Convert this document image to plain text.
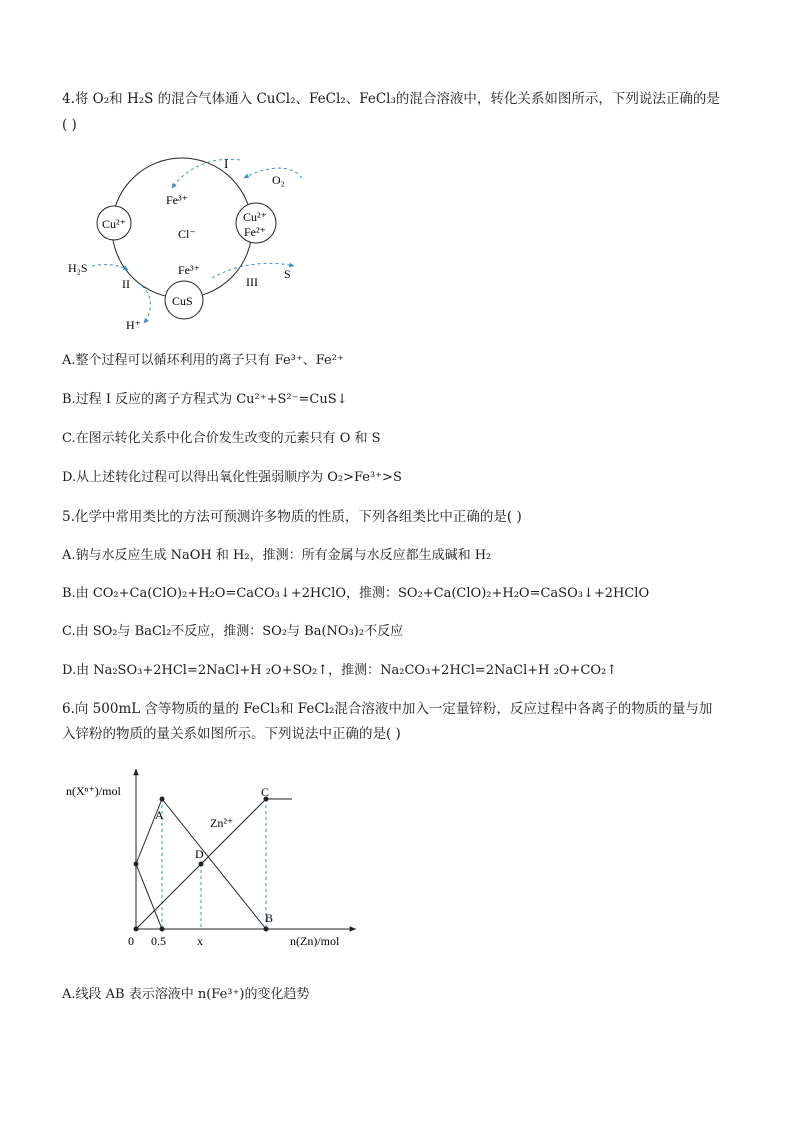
4.将 O₂和 H₂S 的混合气体通入 CuCl₂、FeCl₂、FeCl₃的混合溶液中，转化关系如图所示，下列说法正确的是
( )
I
O₂
Fe³⁺
Cl⁻
Cu²⁺	Cu²⁺
Fe²⁺
H₂S
II
Fe³⁺
III
S
CuS
H⁺
A.整个过程可以循环利用的离子只有 Fe³⁺、Fe²⁺
B.过程 I 反应的离子方程式为 Cu²⁺+S²⁻=CuS↓
C.在图示转化关系中化合价发生改变的元素只有 O 和 S
D.从上述转化过程可以得出氧化性强弱顺序为 O₂>Fe³⁺>S
5.化学中常用类比的方法可预测许多物质的性质，下列各组类比中正确的是( )
A.钠与水反应生成 NaOH 和 H₂，推测：所有金属与水反应都生成碱和 H₂
B.由 CO₂+Ca(ClO)₂+H₂O=CaCO₃↓+2HClO，推测：SO₂+Ca(ClO)₂+H₂O=CaSO₃↓+2HClO
C.由 SO₂与 BaCl₂不反应，推测：SO₂与 Ba(NO₃)₂不反应
D.由 Na₂SO₃+2HCl=2NaCl+H ₂O+SO₂↑，推测：Na₂CO₃+2HCl=2NaCl+H ₂O+CO₂↑
6.向 500mL 含等物质的量的 FeCl₃和 FeCl₂混合溶液中加入一定量锌粉，反应过程中各离子的物质的量与加
入锌粉的物质的量关系如图所示。下列说法中正确的是( )
n(Xⁿ⁺)/mol
n(Zn)/mol
0 0.5	x
Zn²⁺
A
B
C
D
A.线段 AB 表示溶液中 n(Fe³⁺)的变化趋势
